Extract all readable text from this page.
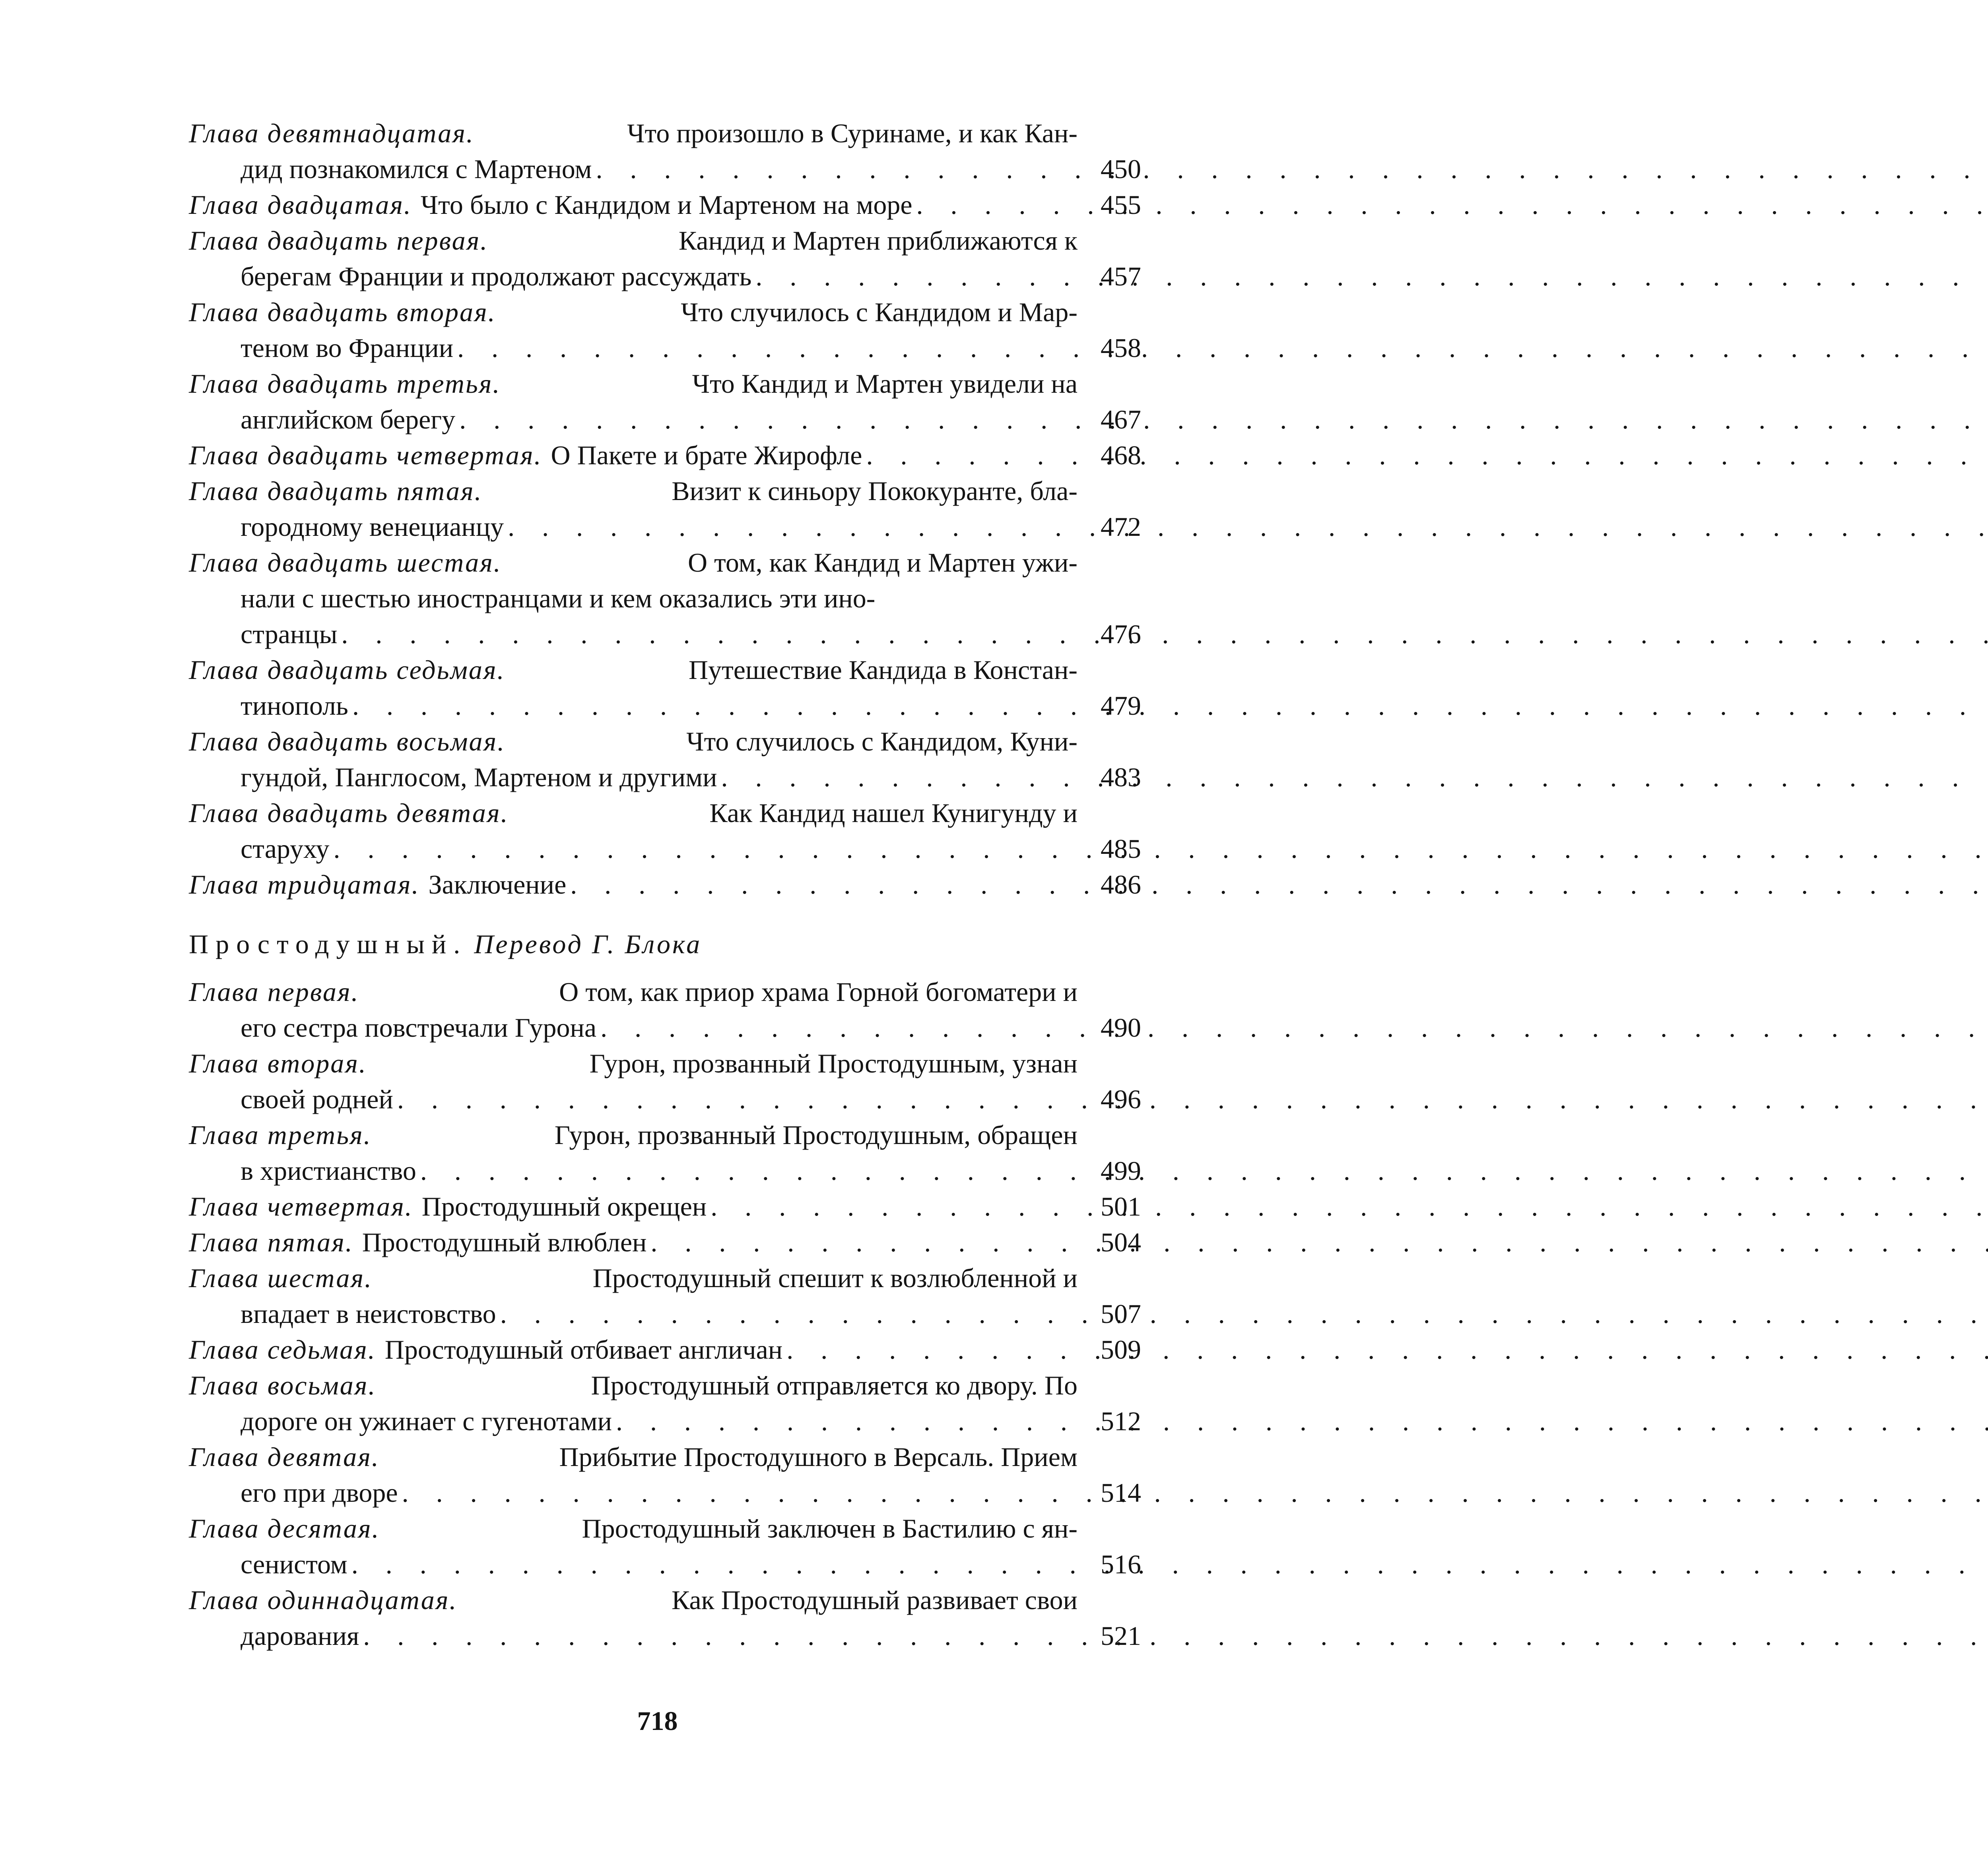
Глава девятнадцатая.	Что произошло в Суринаме, и как Кан-
дид познакомился с Мартеном . . .	450
Глава двадцатая. Что было с Кандидом и Мартеном на море . . .	455
Глава двадцать первая.	Кандид и Мартен приближаются к
берегам Франции и продолжают рассуждать . . .	457
Глава двадцать вторая.	Что случилось с Кандидом и Мар-
теном во Франции . . .	458
Глава двадцать третья.	Что Кандид и Мартен увидели на
английском берегу . . .	467
Глава двадцать четвертая. О Пакете и брате Жирофле . . .	468
Глава двадцать пятая.	Визит к синьору Пококуранте, бла-
городному венецианцу . . .	472
Глава двадцать шестая.	О том, как Кандид и Мартен ужи-
нали с шестью иностранцами и кем оказались эти ино-
странцы . . .	476
Глава двадцать седьмая.	Путешествие Кандида в Констан-
тинополь . . .	479
Глава двадцать восьмая.	Что случилось с Кандидом, Куни-
гундой, Панглосом, Мартеном и другими . . .	483
Глава двадцать девятая.	Как Кандид нашел Кунигунду и
старуху . . .	485
Глава тридцатая. Заключение . . .	486
Простодушный. Перевод Г. Блока
Глава первая.	О том, как приор храма Горной богоматери и
его сестра повстречали Гурона . . .	490
Глава вторая.	Гурон, прозванный Простодушным, узнан
своей родней . . .	496
Глава третья.	Гурон, прозванный Простодушным, обращен
в христианство . . .	499
Глава четвертая. Простодушный окрещен . . .	501
Глава пятая. Простодушный влюблен . . .	504
Глава шестая.	Простодушный спешит к возлюбленной и
впадает в неистовство . . .	507
Глава седьмая. Простодушный отбивает англичан . . .	509
Глава восьмая.	Простодушный отправляется ко двору. По
дороге он ужинает с гугенотами . . .	512
Глава девятая.	Прибытие Простодушного в Версаль. Прием
его при дворе . . .	514
Глава десятая.	Простодушный заключен в Бастилию с ян-
сенистом . . .	516
Глава одиннадцатая.	Как Простодушный развивает свои
дарования . . .	521
718
